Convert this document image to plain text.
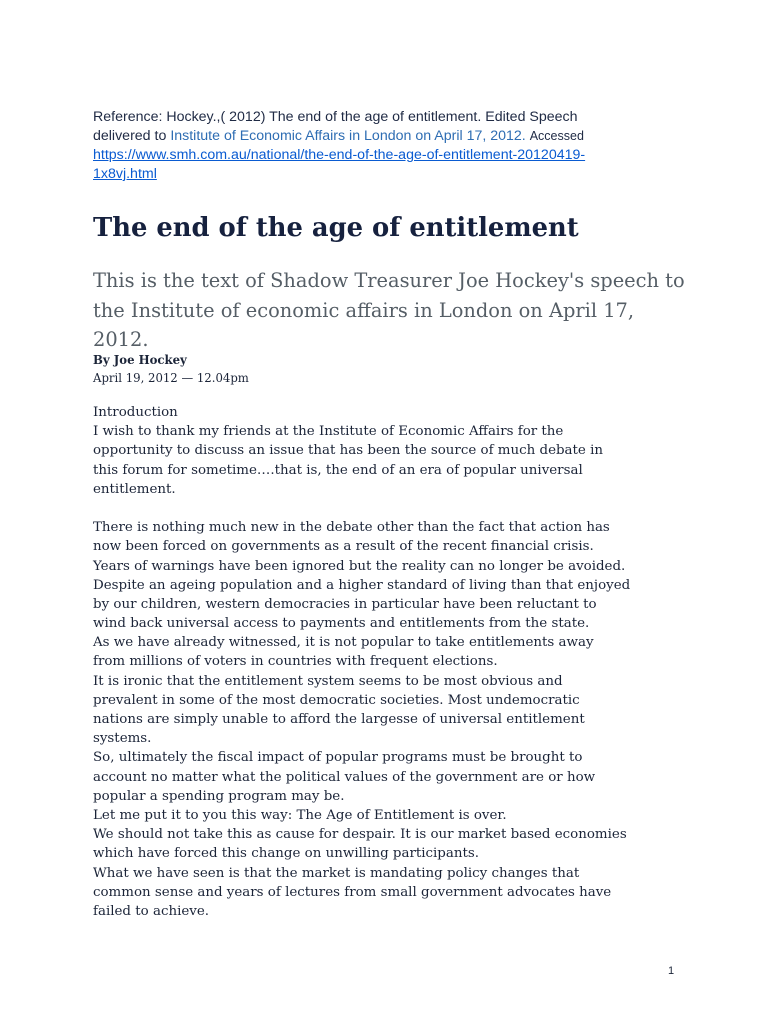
Reference: Hockey.,( 2012) The end of the age of entitlement. Edited Speech
delivered to Institute of Economic Affairs in London on April 17, 2012. Accessed
https://www.smh.com.au/national/the-end-of-the-age-of-entitlement-20120419-
1x8vj.html
The end of the age of entitlement
This is the text of Shadow Treasurer Joe Hockey's speech to the Institute of economic affairs in London on April 17, 2012.
By Joe Hockey
April 19, 2012 — 12.04pm
Introduction
I wish to thank my friends at the Institute of Economic Affairs for the
opportunity to discuss an issue that has been the source of much debate in
this forum for sometime….that is, the end of an era of popular universal
entitlement.
There is nothing much new in the debate other than the fact that action has
now been forced on governments as a result of the recent financial crisis.
Years of warnings have been ignored but the reality can no longer be avoided.
Despite an ageing population and a higher standard of living than that enjoyed
by our children, western democracies in particular have been reluctant to
wind back universal access to payments and entitlements from the state.
As we have already witnessed, it is not popular to take entitlements away
from millions of voters in countries with frequent elections.
It is ironic that the entitlement system seems to be most obvious and
prevalent in some of the most democratic societies. Most undemocratic
nations are simply unable to afford the largesse of universal entitlement
systems.
So, ultimately the fiscal impact of popular programs must be brought to
account no matter what the political values of the government are or how
popular a spending program may be.
Let me put it to you this way: The Age of Entitlement is over.
We should not take this as cause for despair. It is our market based economies
which have forced this change on unwilling participants.
What we have seen is that the market is mandating policy changes that
common sense and years of lectures from small government advocates have
failed to achieve.
1
